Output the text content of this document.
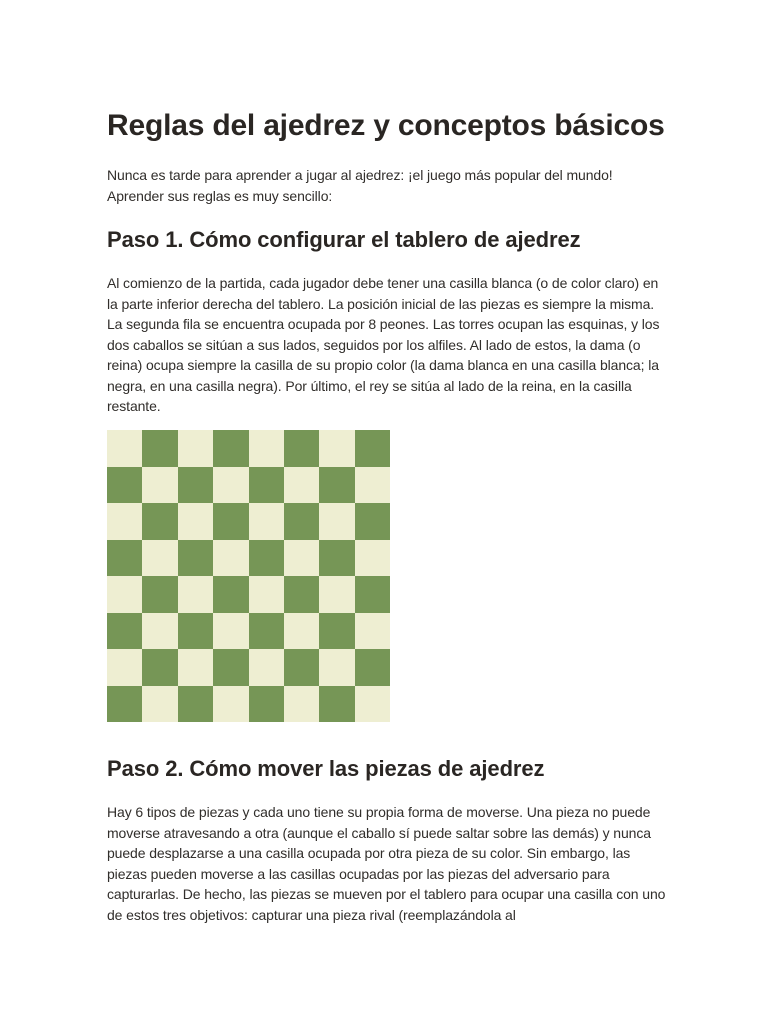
Reglas del ajedrez y conceptos básicos

Nunca es tarde para aprender a jugar al ajedrez: ¡el juego más popular del mundo! Aprender sus reglas es muy sencillo:

Paso 1. Cómo configurar el tablero de ajedrez

Al comienzo de la partida, cada jugador debe tener una casilla blanca (o de color claro) en la parte inferior derecha del tablero. La posición inicial de las piezas es siempre la misma. La segunda fila se encuentra ocupada por 8 peones. Las torres ocupan las esquinas, y los dos caballos se sitúan a sus lados, seguidos por los alfiles. Al lado de estos, la dama (o reina) ocupa siempre la casilla de su propio color (la dama blanca en una casilla blanca; la negra, en una casilla negra). Por último, el rey se sitúa al lado de la reina, en la casilla restante.

Paso 2. Cómo mover las piezas de ajedrez

Hay 6 tipos de piezas y cada uno tiene su propia forma de moverse. Una pieza no puede moverse atravesando a otra (aunque el caballo sí puede saltar sobre las demás) y nunca puede desplazarse a una casilla ocupada por otra pieza de su color. Sin embargo, las piezas pueden moverse a las casillas ocupadas por las piezas del adversario para capturarlas. De hecho, las piezas se mueven por el tablero para ocupar una casilla con uno de estos tres objetivos: capturar una pieza rival (reemplazándola al
